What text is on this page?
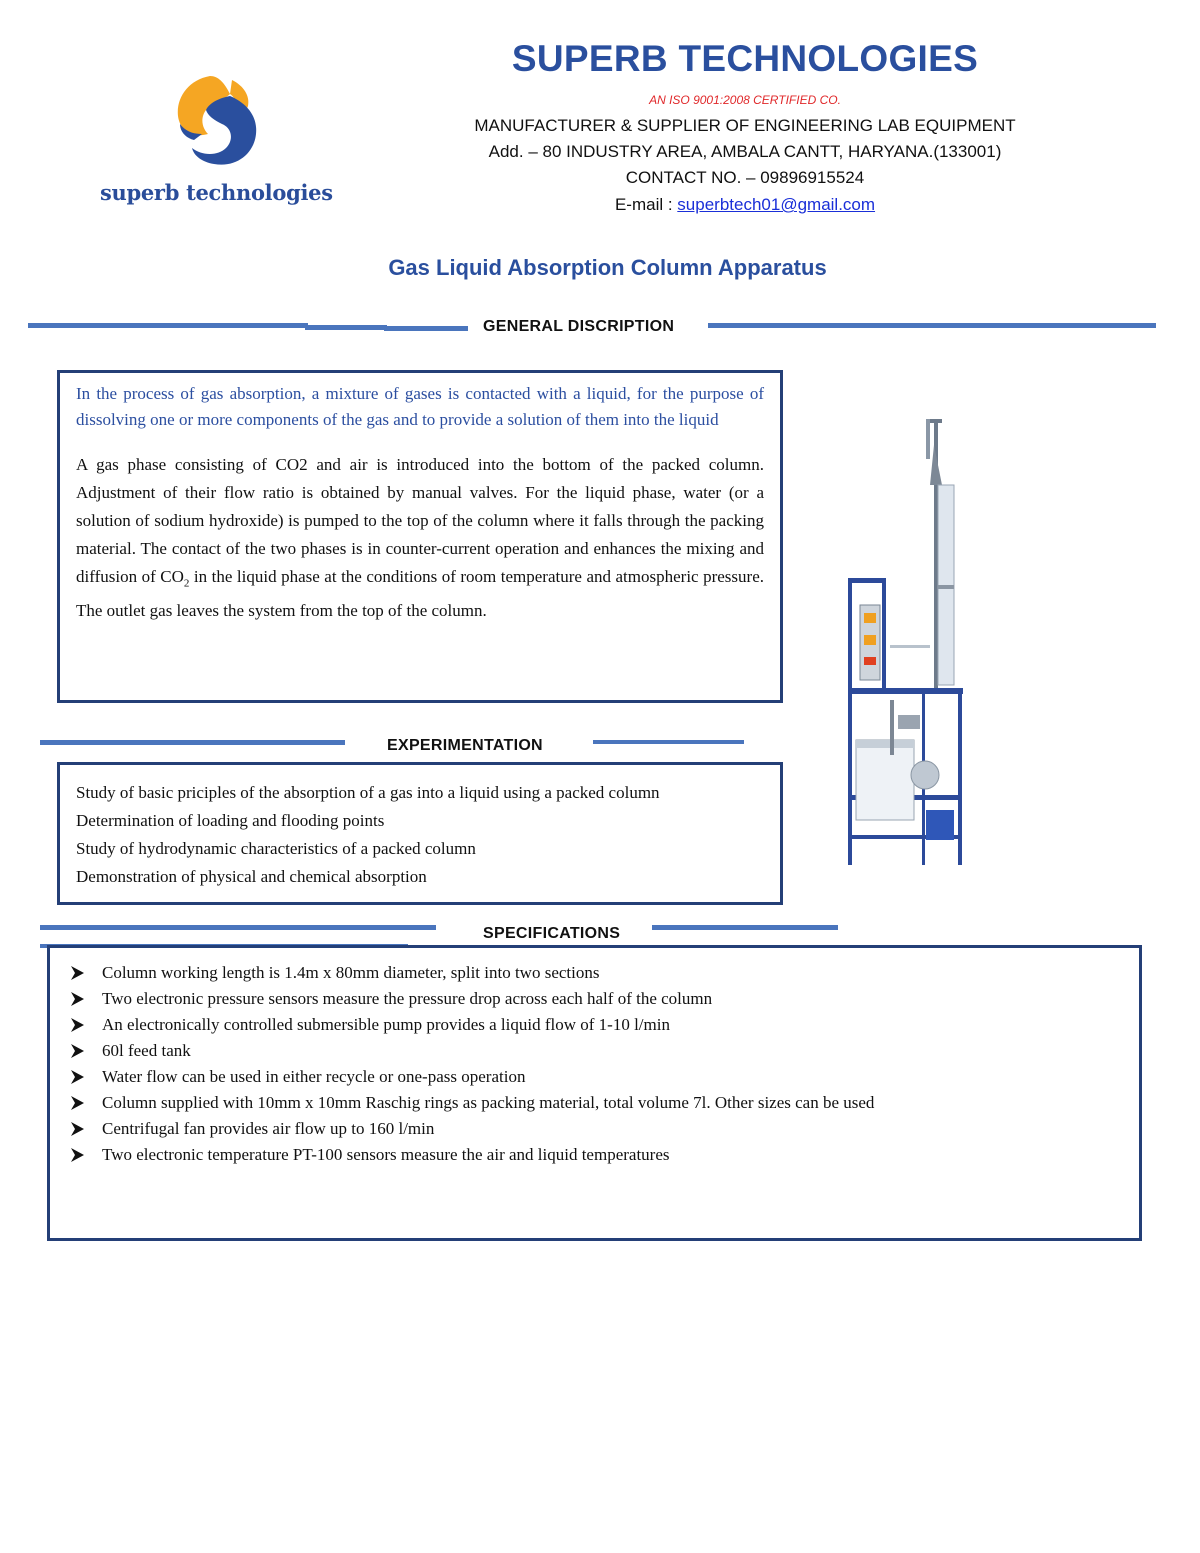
superb technologies
SUPERB TECHNOLOGIES
AN ISO 9001:2008 CERTIFIED CO.
MANUFACTURER & SUPPLIER OF ENGINEERING LAB EQUIPMENT
Add. – 80 INDUSTRY AREA, AMBALA CANTT, HARYANA.(133001)
CONTACT NO. – 09896915524
E-mail : superbtech01@gmail.com
Gas Liquid Absorption Column Apparatus
GENERAL DISCRIPTION

In the process of gas absorption, a mixture of gases is contacted with a liquid, for the purpose of dissolving one or more components of the gas and to provide a solution of them into the liquid

A gas phase consisting of CO2 and air is introduced into the bottom of the packed column. Adjustment of their flow ratio is obtained by manual valves. For the liquid phase, water (or a solution of sodium hydroxide) is pumped to the top of the column where it falls through the packing material. The contact of the two phases is in counter-current operation and enhances the mixing and diffusion of $CO_2$ in the liquid phase at the conditions of room temperature and atmospheric pressure. The outlet gas leaves the system from the top of the column.

EXPERIMENTATION
Study of basic priciples of the absorption of a gas into a liquid using a packed column
Determination of loading and flooding points
Study of hydrodynamic characteristics of a packed column
Demonstration of physical and chemical absorption
SPECIFICATIONS
Column working length is 1.4m x 80mm diameter, split into two sections
Two electronic pressure sensors measure the pressure drop across each half of the column
An electronically controlled submersible pump provides a liquid flow of 1-10 l/min
60l feed tank
Water flow can be used in either recycle or one-pass operation
Column supplied with 10mm x 10mm Raschig rings as packing material, total volume 7l. Other sizes can be used
Centrifugal fan provides air flow up to 160 l/min
Two electronic temperature PT-100 sensors measure the air and liquid temperatures
